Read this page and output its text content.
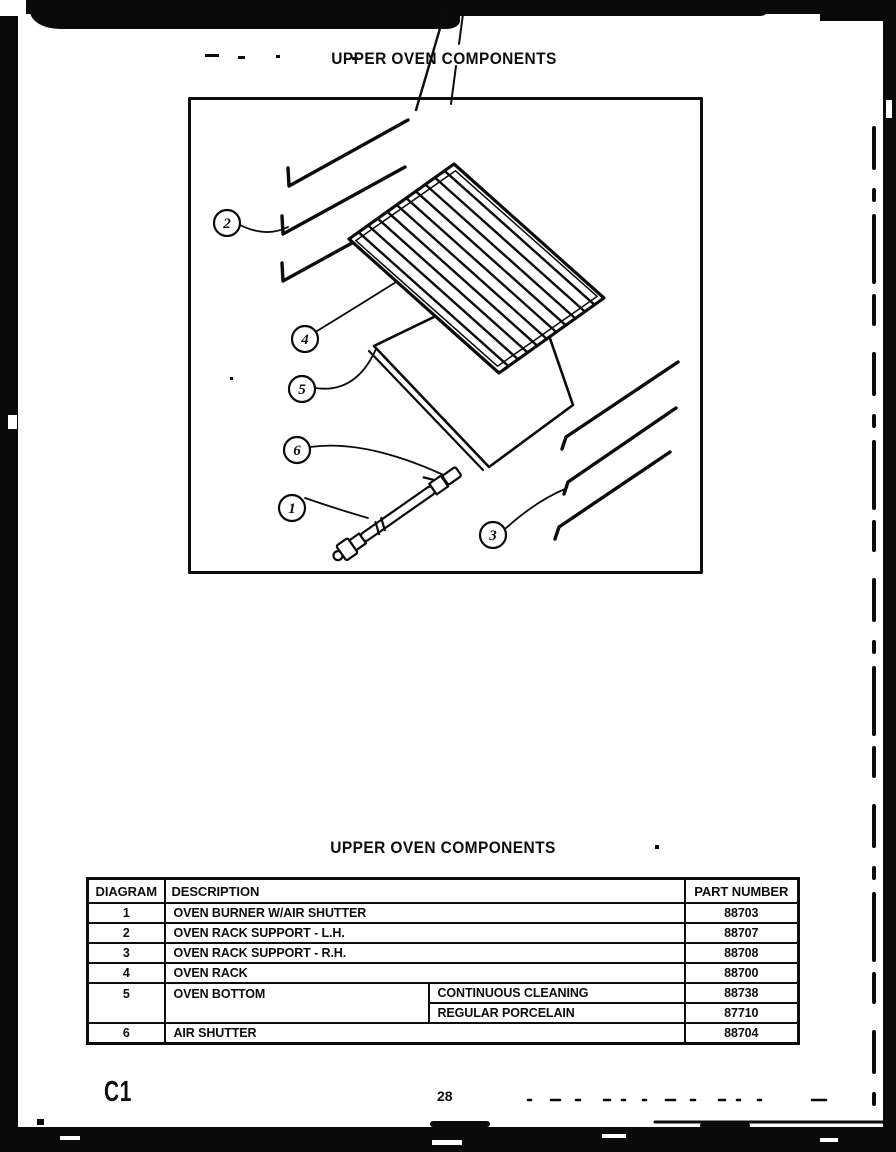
UPPER OVEN COMPONENTS
2
4
5
6
1
3
UPPER OVEN COMPONENTS
DIAGRAM	DESCRIPTION		PART NUMBER
1	OVEN BURNER W/AIR SHUTTER		88703
2	OVEN RACK SUPPORT - L.H.		88707
3	OVEN RACK SUPPORT - R.H.		88708
4	OVEN RACK		88700
5	OVEN BOTTOM	CONTINUOUS CLEANING	88738
		REGULAR PORCELAIN	87710
6	AIR SHUTTER		88704
C1	28
